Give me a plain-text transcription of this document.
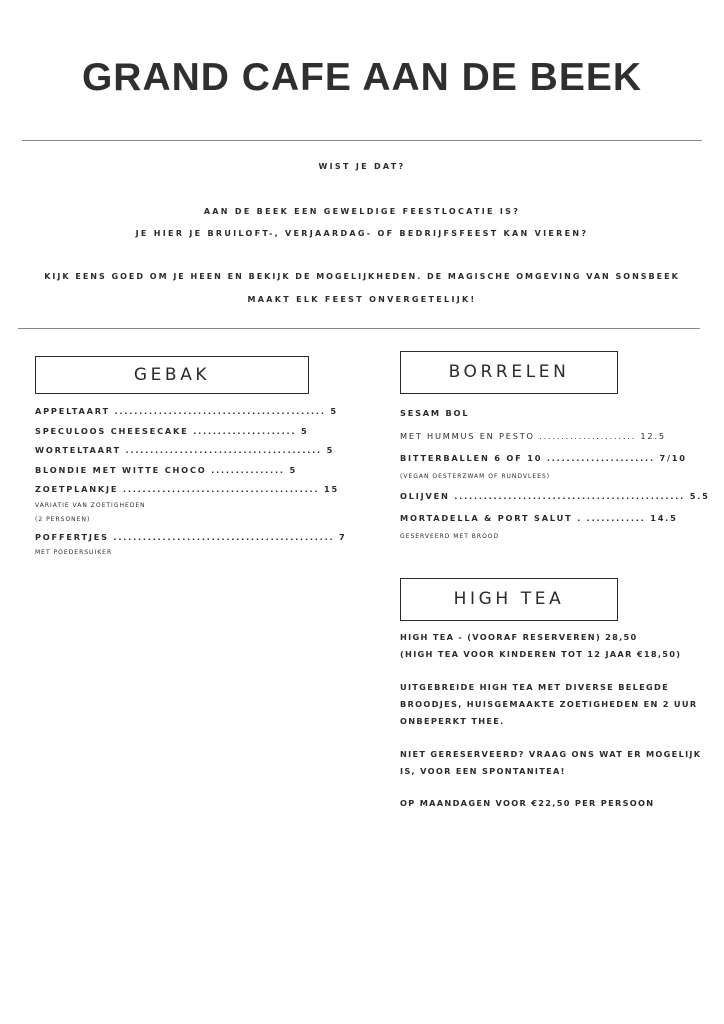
GRAND CAFE AAN DE BEEK
WIST JE DAT?
AAN DE BEEK EEN GEWELDIGE FEESTLOCATIE IS?
JE HIER JE BRUILOFT-, VERJAARDAG- OF BEDRIJFSFEEST KAN VIEREN?
KIJK EENS GOED OM JE HEEN EN BEKIJK DE MOGELIJKHEDEN. DE MAGISCHE OMGEVING VAN SONSBEEK
MAAKT ELK FEEST ONVERGETELIJK!
GEBAK
APPELTAART ........................................... 5
SPECULOOS CHEESECAKE ..................... 5
WORTELTAART ........................................ 5
BLONDIE MET WITTE CHOCO ............... 5
ZOETPLANKJE ........................................ 15
VARIATIE VAN ZOETIGHEDEN
(2 PERSONEN)
POFFERTJES ............................................. 7
MET POEDERSUIKER
BORRELEN
SESAM BOL
MET HUMMUS EN PESTO ...................... 12.5
BITTERBALLEN 6 OF 10 ...................... 7/10
(VEGAN OESTERZWAM OF RUNDVLEES)
OLIJVEN ............................................... 5.5
MORTADELLA & PORT SALUT . ............ 14.5
GESERVEERD MET BROOD
HIGH TEA
HIGH TEA - (VOORAF RESERVEREN) 28,50
(HIGH TEA VOOR KINDEREN TOT 12 JAAR €18,50)
UITGEBREIDE HIGH TEA MET DIVERSE BELEGDE
BROODJES, HUISGEMAAKTE ZOETIGHEDEN EN 2 UUR
ONBEPERKT THEE.
NIET GERESERVEERD? VRAAG ONS WAT ER MOGELIJK
IS, VOOR EEN SPONTANITEA!
OP MAANDAGEN VOOR €22,50 PER PERSOON
